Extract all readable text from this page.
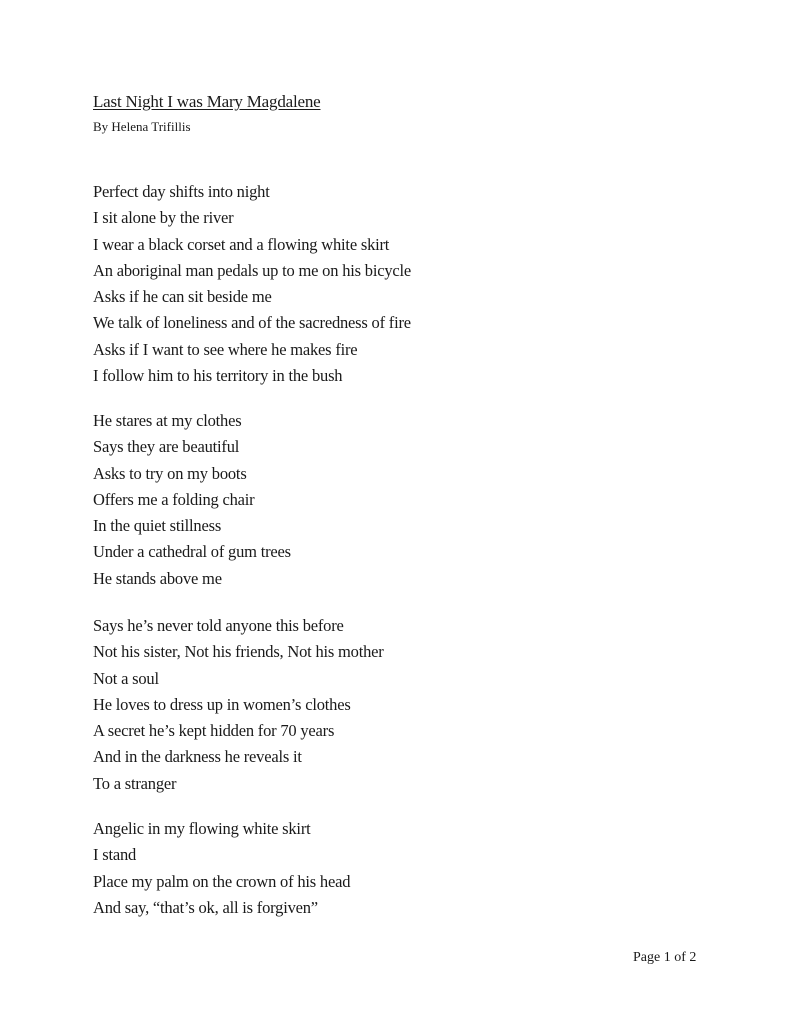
Last Night I was Mary Magdalene
By Helena Trifillis
Perfect day shifts into night
I sit alone by the river
I wear a black corset and a flowing white skirt
An aboriginal man pedals up to me on his bicycle
Asks if he can sit beside me
We talk of loneliness and of the sacredness of fire
Asks if I want to see where he makes fire
I follow him to his territory in the bush
He stares at my clothes
Says they are beautiful
Asks to try on my boots
Offers me a folding chair
In the quiet stillness
Under a cathedral of gum trees
He stands above me
Says he’s never told anyone this before
Not his sister, Not his friends, Not his mother
Not a soul
He loves to dress up in women’s clothes
A secret he’s kept hidden for 70 years
And in the darkness he reveals it
To a stranger
Angelic in my flowing white skirt
I stand
Place my palm on the crown of his head
And say, “that’s ok, all is forgiven”
Page 1 of 2
